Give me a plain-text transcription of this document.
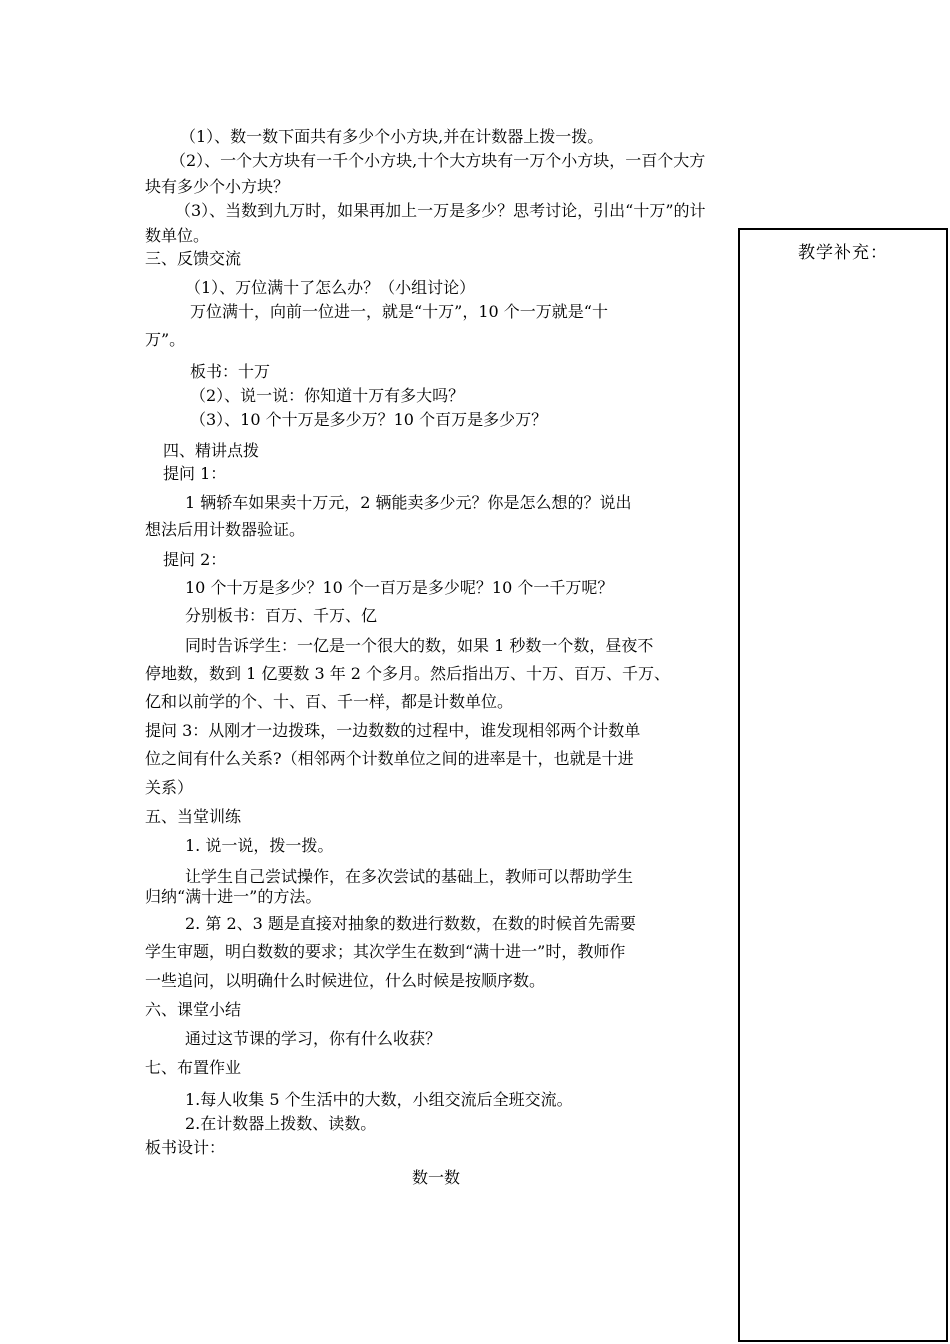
（1）、数一数下面共有多少个小方块,并在计数器上拨一拨。
（2）、一个大方块有一千个小方块,十个大方块有一万个小方块，一百个大方
块有多少个小方块？
（3）、当数到九万时，如果再加上一万是多少？思考讨论，引出“十万”的计
数单位。
三、反馈交流
（1）、万位满十了怎么办？（小组讨论）
万位满十，向前一位进一，就是“十万”，10 个一万就是“十
万”。
板书：十万
（2）、说一说：你知道十万有多大吗？
（3）、10 个十万是多少万？10 个百万是多少万？
四、精讲点拨
提问 1：
1 辆轿车如果卖十万元，2 辆能卖多少元？你是怎么想的？说出
想法后用计数器验证。
提问 2：
10 个十万是多少？10 个一百万是多少呢？10 个一千万呢？
分别板书：百万、千万、亿
同时告诉学生：一亿是一个很大的数，如果 1 秒数一个数，昼夜不
停地数，数到 1 亿要数 3 年 2 个多月。然后指出万、十万、百万、千万、
亿和以前学的个、十、百、千一样，都是计数单位。
提问 3：从刚才一边拨珠，一边数数的过程中，谁发现相邻两个计数单
位之间有什么关系?（相邻两个计数单位之间的进率是十，也就是十进
关系）
五、当堂训练
1. 说一说，拨一拨。
让学生自己尝试操作，在多次尝试的基础上，教师可以帮助学生
归纳“满十进一”的方法。
2. 第 2、3 题是直接对抽象的数进行数数，在数的时候首先需要
学生审题，明白数数的要求；其次学生在数到“满十进一”时，教师作
一些追问，以明确什么时候进位，什么时候是按顺序数。
六、课堂小结
通过这节课的学习，你有什么收获？
七、布置作业
1.每人收集 5 个生活中的大数，小组交流后全班交流。
2.在计数器上拨数、读数。
板书设计：
数一数
教学补充：
